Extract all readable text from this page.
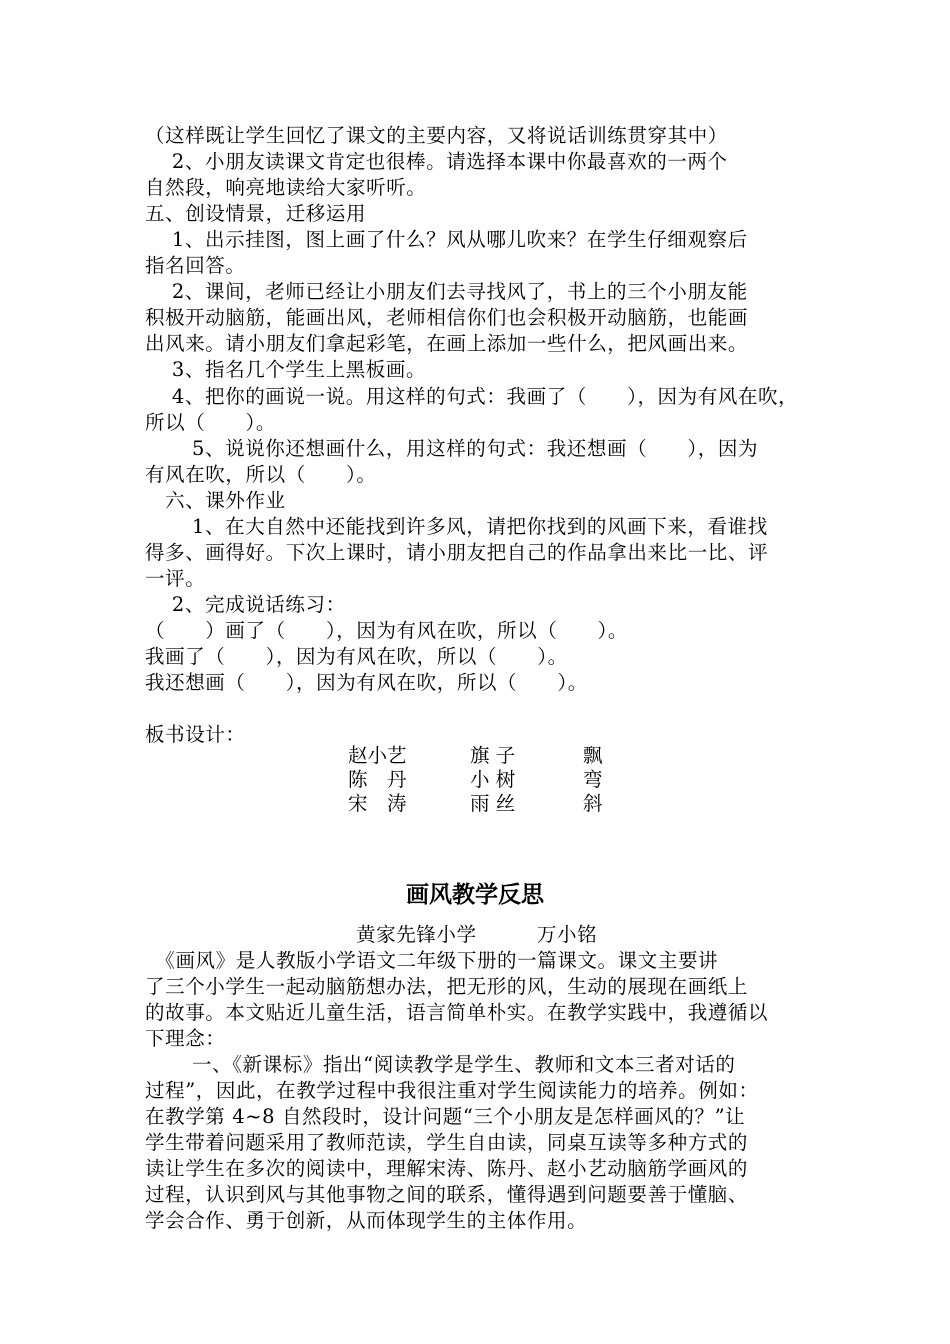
（这样既让学生回忆了课文的主要内容，又将说话训练贯穿其中）
　 2、小朋友读课文肯定也很棒。请选择本课中你最喜欢的一两个
自然段，响亮地读给大家听听。
五、创设情景，迁移运用
　 1、出示挂图，图上画了什么？风从哪儿吹来？在学生仔细观察后
指名回答。
　 2、课间，老师已经让小朋友们去寻找风了，书上的三个小朋友能
积极开动脑筋，能画出风，老师相信你们也会积极开动脑筋，也能画
出风来。请小朋友们拿起彩笔，在画上添加一些什么，把风画出来。
　 3、指名几个学生上黑板画。
　 4、把你的画说一说。用这样的句式：我画了（　　），因为有风在吹，
所以（　　）。
　　 5、说说你还想画什么，用这样的句式：我还想画（　　），因为
有风在吹，所以（　　）。
　六、课外作业
　　 1、在大自然中还能找到许多风，请把你找到的风画下来，看谁找
得多、画得好。下次上课时，请小朋友把自己的作品拿出来比一比、评
一评。
　 2、完成说话练习：
（　　）画了（　　），因为有风在吹，所以（　　）。
我画了（　　），因为有风在吹，所以（　　）。
我还想画（　　），因为有风在吹，所以（　　）。
板书设计：
赵小艺
陈　丹
宋　涛
旗 子
小 树
雨 丝
飘
弯
斜
画风教学反思
黄家先锋小学　　　万小铭
　《画风》是人教版小学语文二年级下册的一篇课文。课文主要讲
了三个小学生一起动脑筋想办法，把无形的风，生动的展现在画纸上
的故事。本文贴近儿童生活，语言简单朴实。在教学实践中，我遵循以
下理念：
　　 一、《新课标》指出“阅读教学是学生、教师和文本三者对话的
过程”，因此，在教学过程中我很注重对学生阅读能力的培养。例如：
在教学第 4~8 自然段时，设计问题“三个小朋友是怎样画风的？”让
学生带着问题采用了教师范读，学生自由读，同桌互读等多种方式的
读让学生在多次的阅读中，理解宋涛、陈丹、赵小艺动脑筋学画风的
过程，认识到风与其他事物之间的联系，懂得遇到问题要善于懂脑、
学会合作、勇于创新，从而体现学生的主体作用。
